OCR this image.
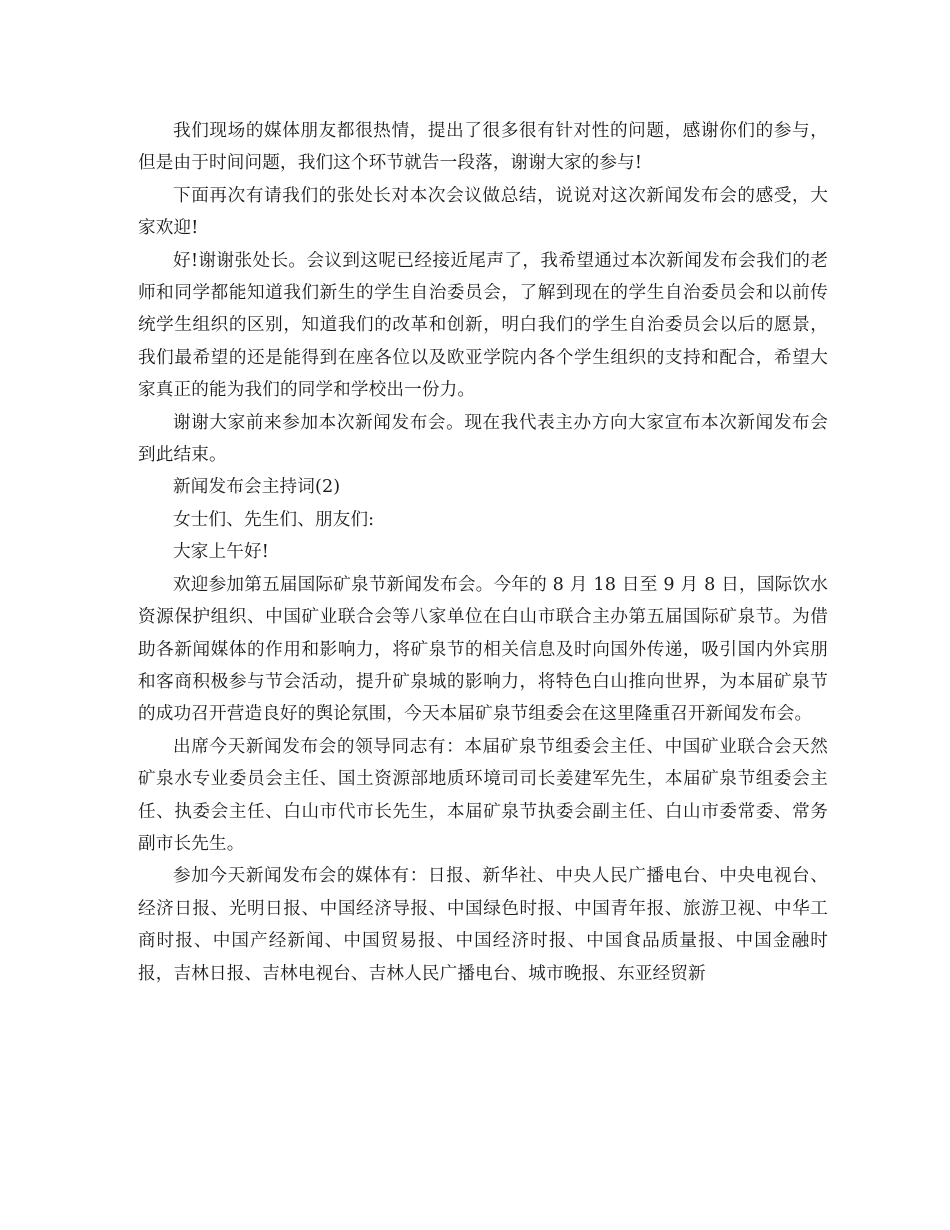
我们现场的媒体朋友都很热情，提出了很多很有针对性的问题，感谢你们的参与，但是由于时间问题，我们这个环节就告一段落，谢谢大家的参与!

下面再次有请我们的张处长对本次会议做总结，说说对这次新闻发布会的感受，大家欢迎!

好!谢谢张处长。会议到这呢已经接近尾声了，我希望通过本次新闻发布会我们的老师和同学都能知道我们新生的学生自治委员会，了解到现在的学生自治委员会和以前传统学生组织的区别，知道我们的改革和创新，明白我们的学生自治委员会以后的愿景，我们最希望的还是能得到在座各位以及欧亚学院内各个学生组织的支持和配合，希望大家真正的能为我们的同学和学校出一份力。

谢谢大家前来参加本次新闻发布会。现在我代表主办方向大家宣布本次新闻发布会到此结束。

新闻发布会主持词(2)

女士们、先生们、朋友们:

大家上午好!

欢迎参加第五届国际矿泉节新闻发布会。今年的 8 月 18 日至 9 月 8 日，国际饮水资源保护组织、中国矿业联合会等八家单位在白山市联合主办第五届国际矿泉节。为借助各新闻媒体的作用和影响力，将矿泉节的相关信息及时向国外传递，吸引国内外宾朋和客商积极参与节会活动，提升矿泉城的影响力，将特色白山推向世界，为本届矿泉节的成功召开营造良好的舆论氛围，今天本届矿泉节组委会在这里隆重召开新闻发布会。

出席今天新闻发布会的领导同志有：本届矿泉节组委会主任、中国矿业联合会天然矿泉水专业委员会主任、国土资源部地质环境司司长姜建军先生，本届矿泉节组委会主任、执委会主任、白山市代市长先生，本届矿泉节执委会副主任、白山市委常委、常务副市长先生。

参加今天新闻发布会的媒体有：日报、新华社、中央人民广播电台、中央电视台、经济日报、光明日报、中国经济导报、中国绿色时报、中国青年报、旅游卫视、中华工商时报、中国产经新闻、中国贸易报、中国经济时报、中国食品质量报、中国金融时报，吉林日报、吉林电视台、吉林人民广播电台、城市晚报、东亚经贸新
